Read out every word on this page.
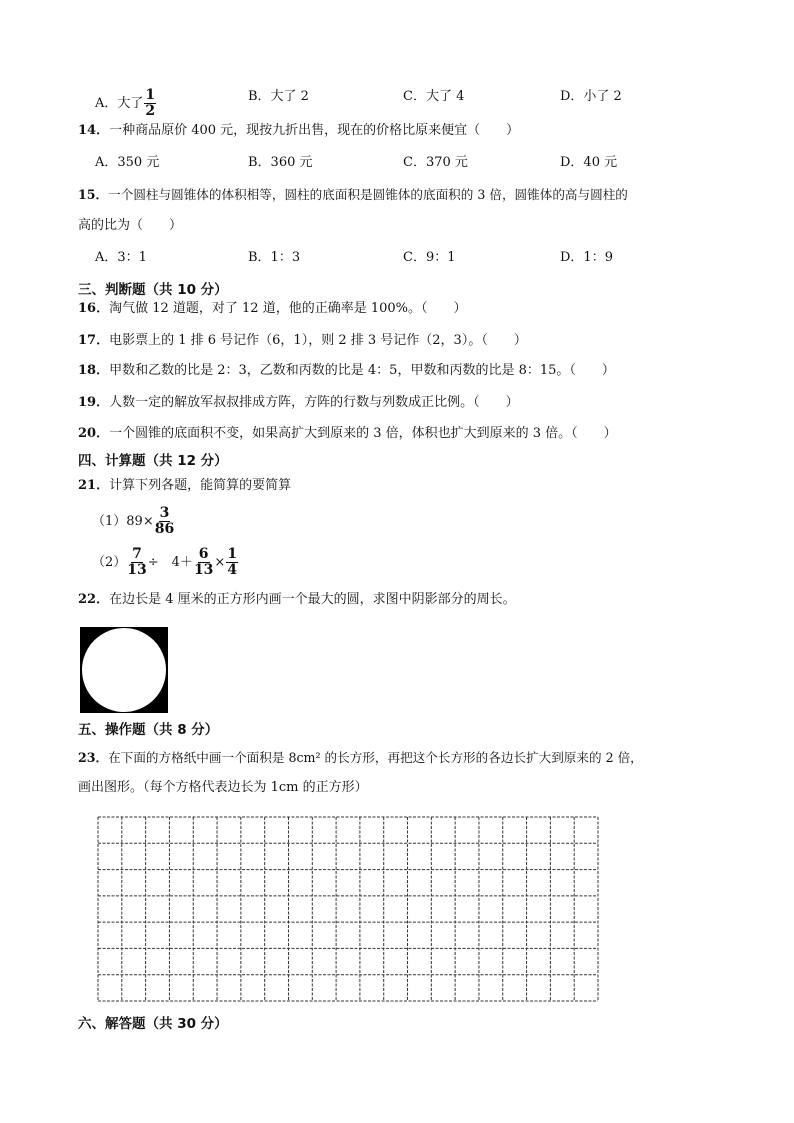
A．大了 $\frac{1}{2}$	B．大了 2	C．大了 4	D．小了 2
14．一种商品原价 400 元，现按九折出售，现在的价格比原来便宜（　　）
A．350 元	B．360 元	C．370 元	D．40 元
15．一个圆柱与圆锥体的体积相等，圆柱的底面积是圆锥体的底面积的 3 倍，圆锥体的高与圆柱的
高的比为（　　）
A．3：1	B．1：3	C．9：1	D．1：9
三、判断题（共 10 分）
16．淘气做 12 道题，对了 12 道，他的正确率是 100%。（　　）
17．电影票上的 1 排 6 号记作（6，1），则 2 排 3 号记作（2，3）。（　　）
18．甲数和乙数的比是 2：3，乙数和丙数的比是 4：5，甲数和丙数的比是 8：15。（　　）
19．人数一定的解放军叔叔排成方阵，方阵的行数与列数成正比例。（　　）
20．一个圆锥的底面积不变，如果高扩大到原来的 3 倍，体积也扩大到原来的 3 倍。（　　）
四、计算题（共 12 分）
21．计算下列各题，能简算的要简算
$(1)89\times \frac{3}{86}$
$(2) \frac{7}{13}$ ÷　$4+ \frac{6}{13} \times \frac{1}{4}$
22．在边长是 4 厘米的正方形内画一个最大的圆，求图中阴影部分的周长。
五、操作题（共 8 分）
23．在下面的方格纸中画一个面积是 8cm² 的长方形，再把这个长方形的各边长扩大到原来的 2 倍，
画出图形。（每个方格代表边长为 1cm 的正方形）
六、解答题（共 30 分）
